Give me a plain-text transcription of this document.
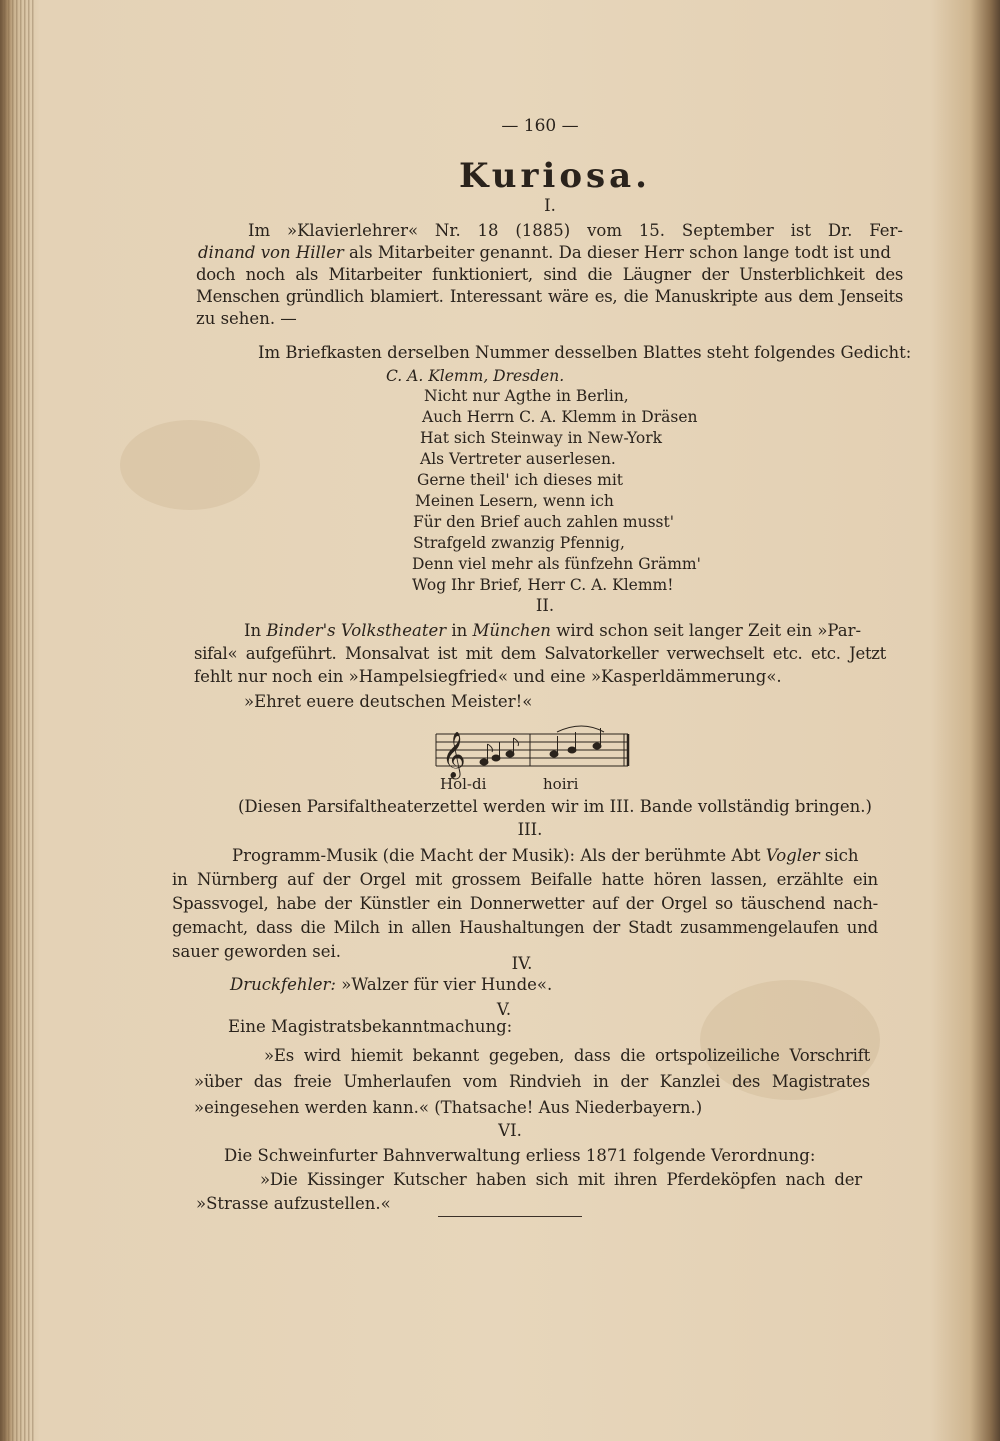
— 160 —
Kuriosa.
I.
Im »Klavierlehrer« Nr. 18 (1885) vom 15. September ist Dr. Fer-
dinand von Hiller als Mitarbeiter genannt. Da dieser Herr schon lange todt ist und
doch noch als Mitarbeiter funktioniert, sind die Läugner der Unsterblichkeit des
Menschen gründlich blamiert. Interessant wäre es, die Manuskripte aus dem Jenseits
zu sehen. —
Im Briefkasten derselben Nummer desselben Blattes steht folgendes Gedicht:
C. A. Klemm, Dresden.
Nicht nur Agthe in Berlin,
Auch Herrn C. A. Klemm in Dräsen
Hat sich Steinway in New-York
Als Vertreter auserlesen.
Gerne theil' ich dieses mit
Meinen Lesern, wenn ich
Für den Brief auch zahlen musst'
Strafgeld zwanzig Pfennig,
Denn viel mehr als fünfzehn Grämm'
Wog Ihr Brief, Herr C. A. Klemm!
II.
In Binder's Volkstheater in München wird schon seit langer Zeit ein »Par-
sifal« aufgeführt. Monsalvat ist mit dem Salvatorkeller verwechselt etc. etc. Jetzt
fehlt nur noch ein »Hampelsiegfried« und eine »Kasperldämmerung«.
»Ehret euere deutschen Meister!«
𝄞
Hol-di	hoiri
(Diesen Parsifaltheaterzettel werden wir im III. Bande vollständig bringen.)
III.
Programm-Musik (die Macht der Musik): Als der berühmte Abt Vogler sich
in Nürnberg auf der Orgel mit grossem Beifalle hatte hören lassen, erzählte ein
Spassvogel, habe der Künstler ein Donnerwetter auf der Orgel so täuschend nach-
gemacht, dass die Milch in allen Haushaltungen der Stadt zusammengelaufen und
sauer geworden sei.
IV.
Druckfehler: »Walzer für vier Hunde«.
V.
Eine Magistratsbekanntmachung:
»Es wird hiemit bekannt gegeben, dass die ortspolizeiliche Vorschrift
»über das freie Umherlaufen vom Rindvieh in der Kanzlei des Magistrates
»eingesehen werden kann.« (Thatsache! Aus Niederbayern.)
VI.
Die Schweinfurter Bahnverwaltung erliess 1871 folgende Verordnung:
»Die Kissinger Kutscher haben sich mit ihren Pferdeköpfen nach der
»Strasse aufzustellen.«
